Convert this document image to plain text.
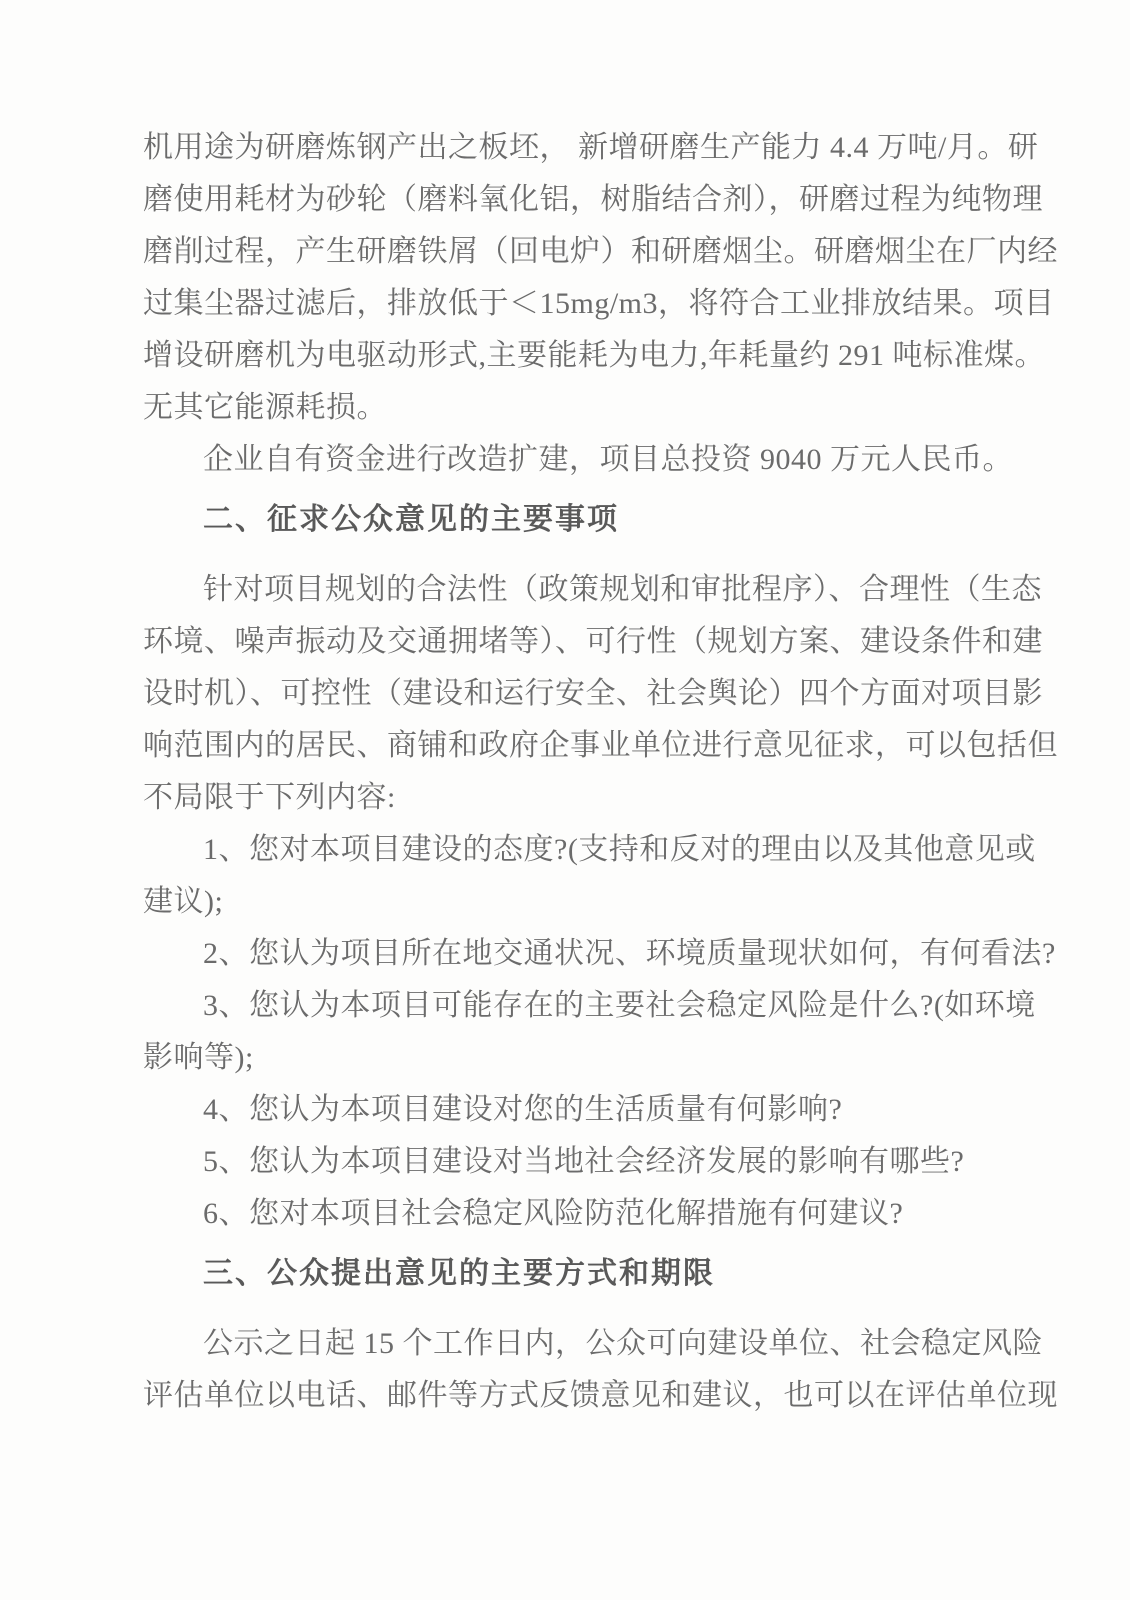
机用途为研磨炼钢产出之板坯， 新增研磨生产能力 4.4 万吨/月。研
磨使用耗材为砂轮（磨料氧化铝，树脂结合剂），研磨过程为纯物理
磨削过程，产生研磨铁屑（回电炉）和研磨烟尘。研磨烟尘在厂内经
过集尘器过滤后，排放低于＜15mg/m3，将符合工业排放结果。项目
增设研磨机为电驱动形式,主要能耗为电力,年耗量约 291 吨标准煤。
无其它能源耗损。
企业自有资金进行改造扩建，项目总投资 9040 万元人民币。
二、征求公众意见的主要事项
针对项目规划的合法性（政策规划和审批程序）、合理性（生态
环境、噪声振动及交通拥堵等）、可行性（规划方案、建设条件和建
设时机）、可控性（建设和运行安全、社会舆论）四个方面对项目影
响范围内的居民、商铺和政府企事业单位进行意见征求，可以包括但
不局限于下列内容:
1、您对本项目建设的态度?(支持和反对的理由以及其他意见或
建议);
2、您认为项目所在地交通状况、环境质量现状如何，有何看法?
3、您认为本项目可能存在的主要社会稳定风险是什么?(如环境
影响等);
4、您认为本项目建设对您的生活质量有何影响?
5、您认为本项目建设对当地社会经济发展的影响有哪些?
6、您对本项目社会稳定风险防范化解措施有何建议?
三、公众提出意见的主要方式和期限
公示之日起 15 个工作日内，公众可向建设单位、社会稳定风险
评估单位以电话、邮件等方式反馈意见和建议，也可以在评估单位现
